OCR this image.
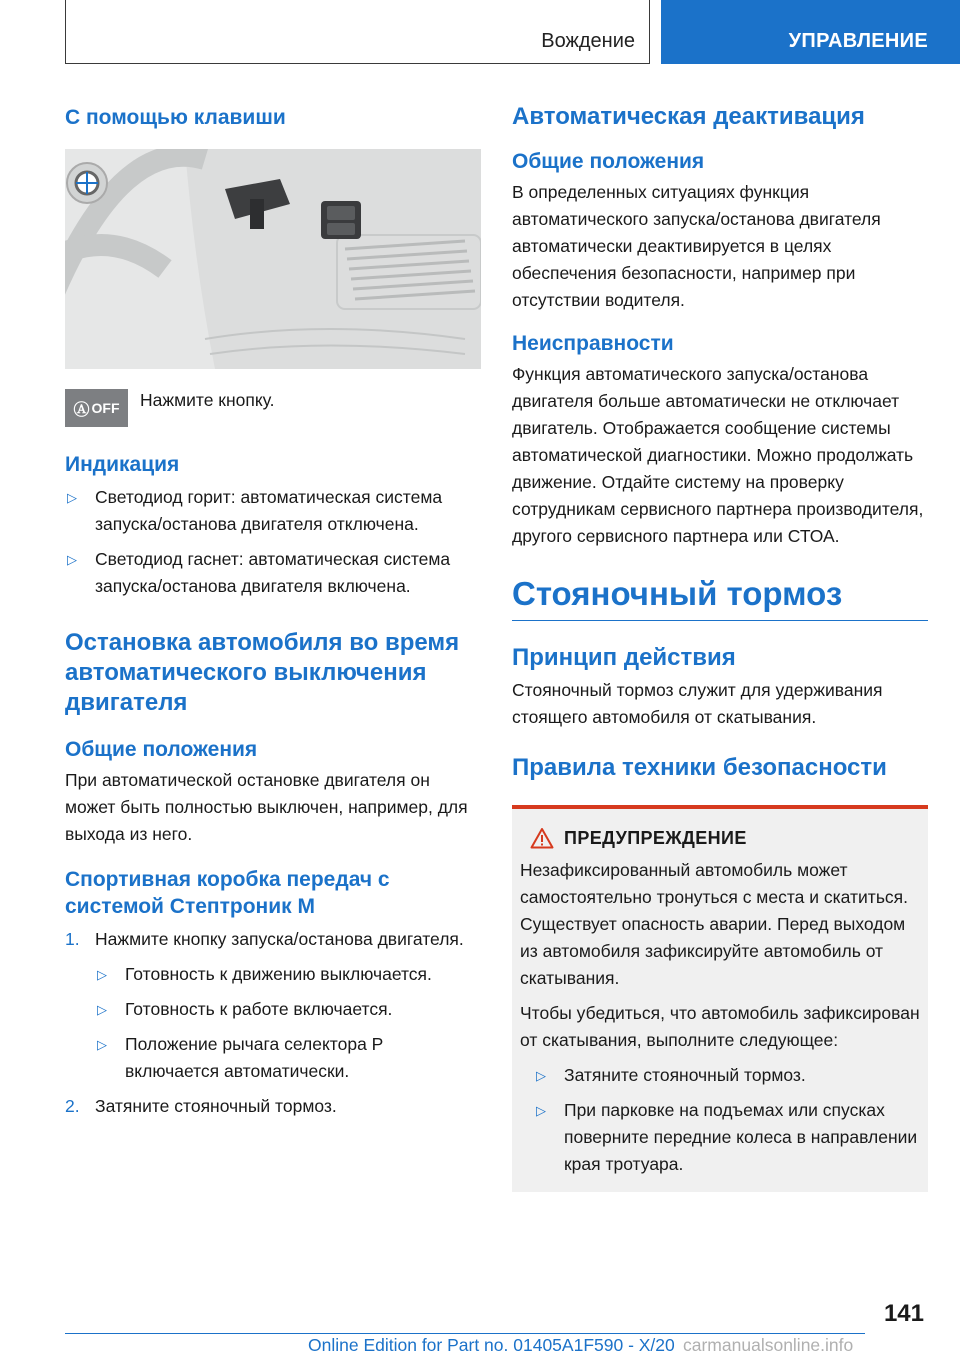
Вождение	УПРАВЛЕНИЕ
С помощью клавиши
Ⓐ OFF Нажмите кнопку.

Индикация
▷ Светодиод горит: автоматическая система запуска/останова двигателя отключена.
▷ Светодиод гаснет: автоматическая система запуска/останова двигателя включена.
Остановка автомобиля во время автоматического выключения двигателя
Общие положения

При автоматической остановке двигателя он может быть полностью выключен, например, для выхода из него.

Спортивная коробка передач с системой Стептроник M
1. Нажмите кнопку запуска/останова двигателя.
▷ Готовность к движению выключается.
▷ Готовность к работе включается.
▷ Положение рычага селектора P включается автоматически.
2. Затяните стояночный тормоз.
Автоматическая деактивация
Общие положения

В определенных ситуациях функция автоматического запуска/останова двигателя автоматически деактивируется в целях обеспечения безопасности, например при отсутствии водителя.

Неисправности

Функция автоматического запуска/останова двигателя больше автоматически не отключает двигатель. Отображается сообщение системы автоматической диагностики. Можно продолжать движение. Отдайте систему на проверку сотрудникам сервисного партнера производителя, другого сервисного партнера или СТОА.

Стояночный тормоз
Принцип действия

Стояночный тормоз служит для удерживания стоящего автомобиля от скатывания.

Правила техники безопасности
ПРЕДУПРЕЖДЕНИЕ

Незафиксированный автомобиль может самостоятельно тронуться с места и скатиться. Существует опасность аварии. Перед выходом из автомобиля зафиксируйте автомобиль от скатывания.

Чтобы убедиться, что автомобиль зафиксирован от скатывания, выполните следующее:

▷ Затяните стояночный тормоз.
▷ При парковке на подъемах или спусках поверните передние колеса в направлении края тротуара.
141
Online Edition for Part no. 01405A1F590 - X/20 carmanualsonline.info
